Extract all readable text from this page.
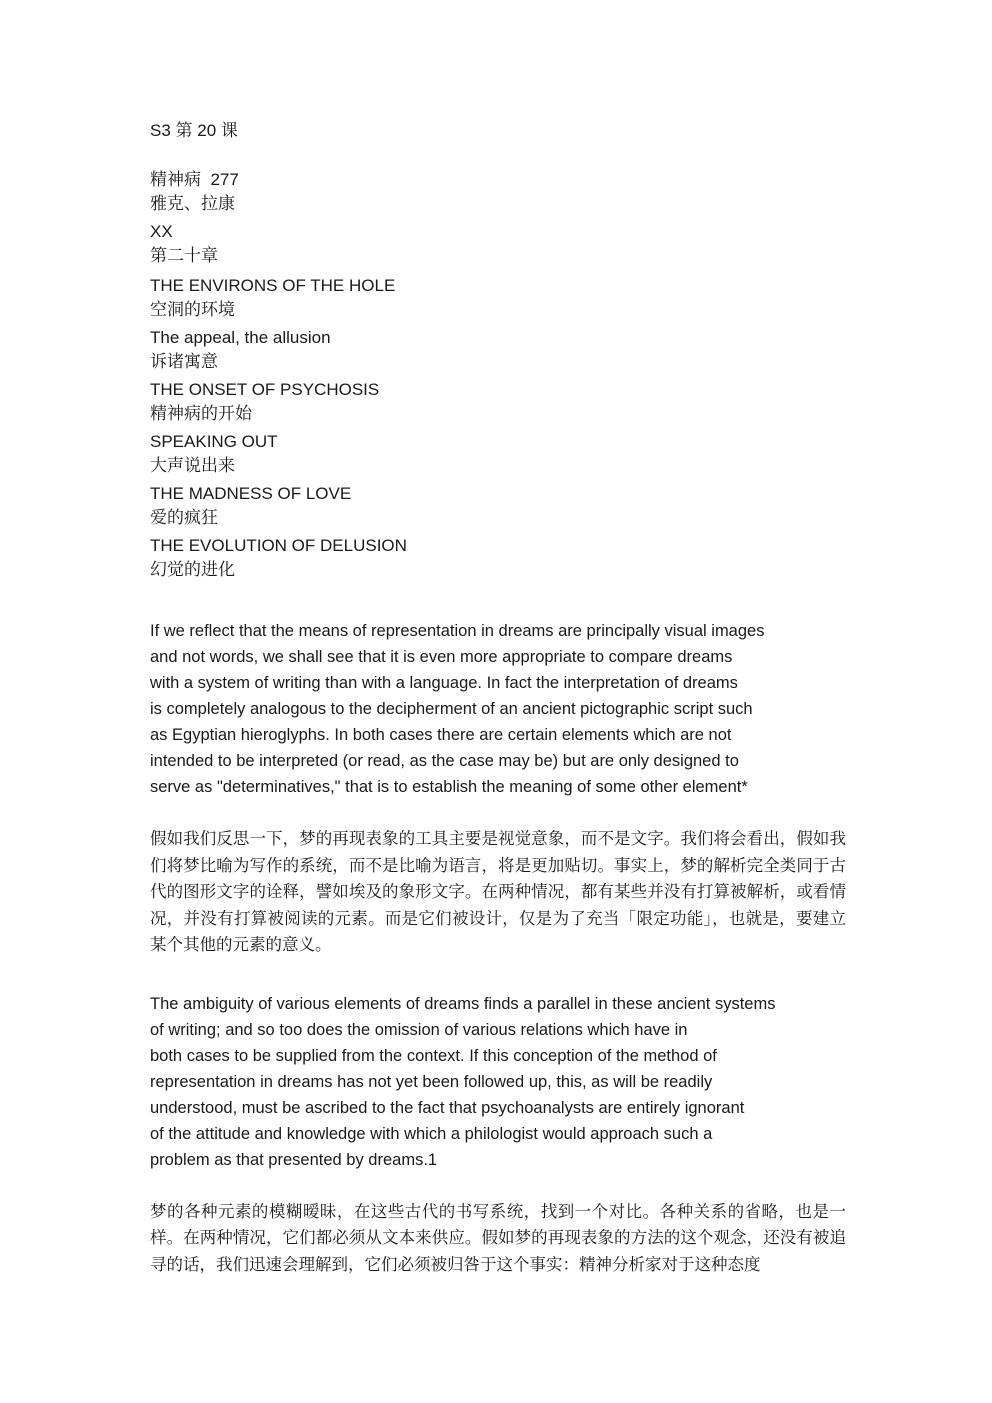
S3 第 20 课

精神病  277

雅克、拉康

XX

第二十章

THE ENVIRONS OF THE HOLE
空洞的环境
The appeal, the allusion
诉诸寓意
THE ONSET OF PSYCHOSIS
精神病的开始
SPEAKING OUT
大声说出来
THE MADNESS OF LOVE
爱的疯狂
THE EVOLUTION OF DELUSION
幻觉的进化

If we reflect that the means of representation in dreams are principally visual images
and not words, we shall see that it is even more appropriate to compare dreams
with a system of writing than with a language. In fact the interpretation of dreams
is completely analogous to the decipherment of an ancient pictographic script such
as Egyptian hieroglyphs. In both cases there are certain elements which are not
intended to be interpreted (or read, as the case may be) but are only designed to
serve as "determinatives," that is to establish the meaning of some other element*

假如我们反思一下，梦的再现表象的工具主要是视觉意象，而不是文字。我们将会看出，假如我们将梦比喻为写作的系统，而不是比喻为语言，将是更加贴切。事实上，梦的解析完全类同于古代的图形文字的诠释，譬如埃及的象形文字。在两种情况，都有某些并没有打算被解析，或看情况，并没有打算被阅读的元素。而是它们被设计，仅是为了充当「限定功能」，也就是，要建立某个其他的元素的意义。

The ambiguity of various elements of dreams finds a parallel in these ancient systems
of writing; and so too does the omission of various relations which have in
both cases to be supplied from the context. If this conception of the method of
representation in dreams has not yet been followed up, this, as will be readily
understood, must be ascribed to the fact that psychoanalysts are entirely ignorant
of the attitude and knowledge with which a philologist would approach such a
problem as that presented by dreams.1

梦的各种元素的模糊暧昧，在这些古代的书写系统，找到一个对比。各种关系的省略，也是一样。在两种情况，它们都必须从文本来供应。假如梦的再现表象的方法的这个观念，还没有被追寻的话，我们迅速会理解到，它们必须被归咎于这个事实：精神分析家对于这种态度
